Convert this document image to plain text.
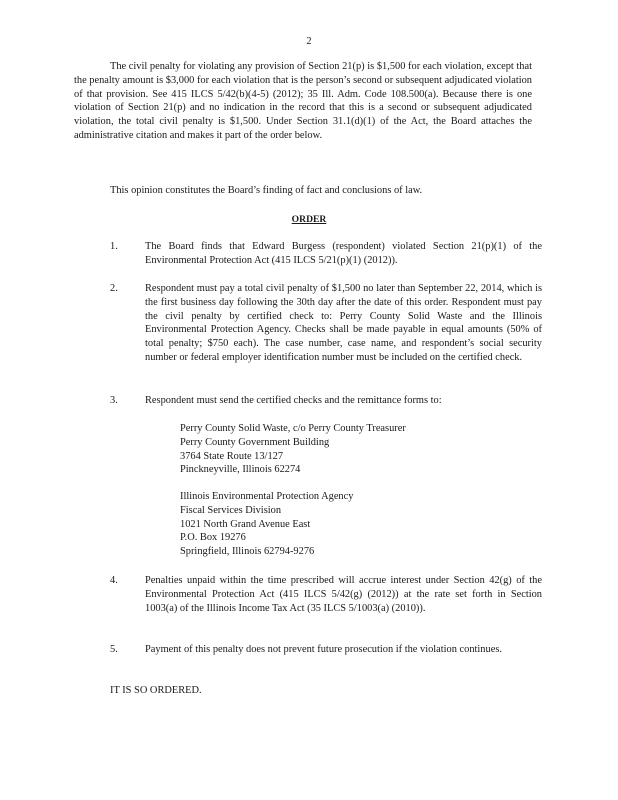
2

The civil penalty for violating any provision of Section 21(p) is $1,500 for each violation, except that the penalty amount is $3,000 for each violation that is the person’s second or subsequent adjudicated violation of that provision. See 415 ILCS 5/42(b)(4-5) (2012); 35 Ill. Adm. Code 108.500(a). Because there is one violation of Section 21(p) and no indication in the record that this is a second or subsequent adjudicated violation, the total civil penalty is $1,500. Under Section 31.1(d)(1) of the Act, the Board attaches the administrative citation and makes it part of the order below.

This opinion constitutes the Board’s finding of fact and conclusions of law.

ORDER
1.	The Board finds that Edward Burgess (respondent) violated Section 21(p)(1) of the Environmental Protection Act (415 ILCS 5/21(p)(1) (2012)).
2.	Respondent must pay a total civil penalty of $1,500 no later than September 22, 2014, which is the first business day following the 30th day after the date of this order. Respondent must pay the civil penalty by certified check to: Perry County Solid Waste and the Illinois Environmental Protection Agency. Checks shall be made payable in equal amounts (50% of total penalty; $750 each). The case number, case name, and respondent’s social security number or federal employer identification number must be included on the certified check.
3.	Respondent must send the certified checks and the remittance forms to:
Perry County Solid Waste, c/o Perry County Treasurer
Perry County Government Building
3764 State Route 13/127
Pinckneyville, Illinois 62274
Illinois Environmental Protection Agency
Fiscal Services Division
1021 North Grand Avenue East
P.O. Box 19276
Springfield, Illinois 62794-9276
4.	Penalties unpaid within the time prescribed will accrue interest under Section 42(g) of the Environmental Protection Act (415 ILCS 5/42(g) (2012)) at the rate set forth in Section 1003(a) of the Illinois Income Tax Act (35 ILCS 5/1003(a) (2010)).
5.	Payment of this penalty does not prevent future prosecution if the violation continues.
IT IS SO ORDERED.
